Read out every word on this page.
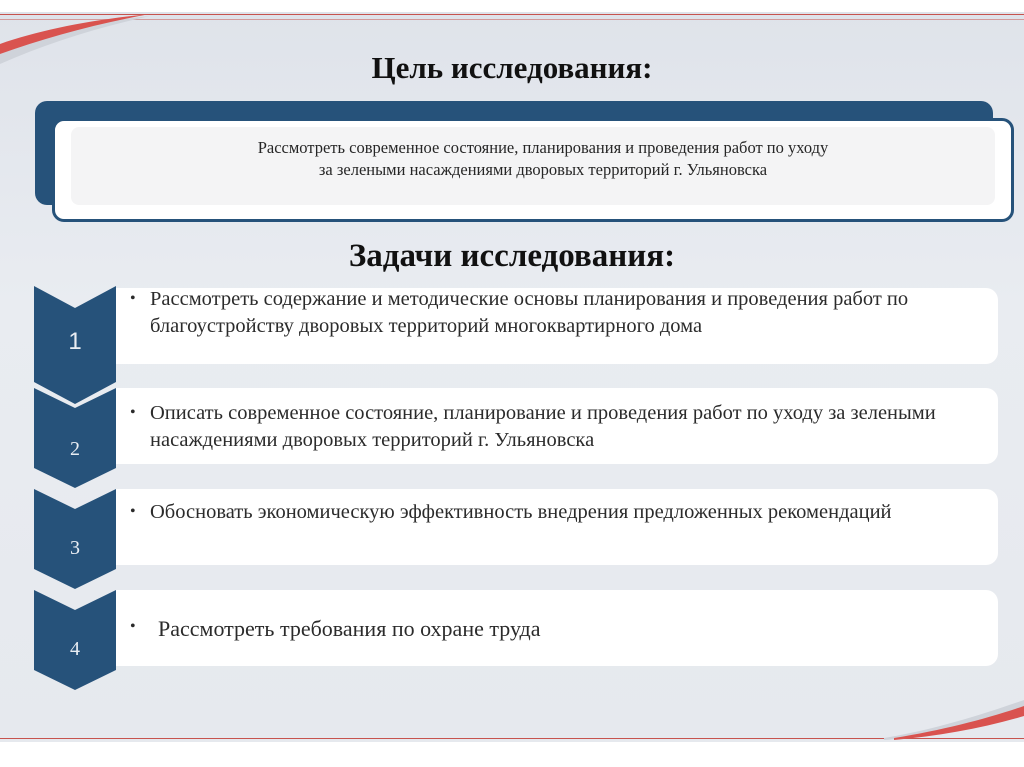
Цель исследования:

Рассмотреть современное состояние, планирования и проведения работ по уходу
за зелеными насаждениями дворовых территорий г. Ульяновска

Задачи исследования:
1
• Рассмотреть содержание и методические основы планирования и проведения работ по благоустройству дворовых территорий многоквартирного дома

2
• Описать современное состояние, планирование и проведения работ по уходу за зелеными насаждениями дворовых территорий г. Ульяновска

3
• Обосновать экономическую эффективность внедрения предложенных рекомендаций

4
• Рассмотреть требования по охране труда
